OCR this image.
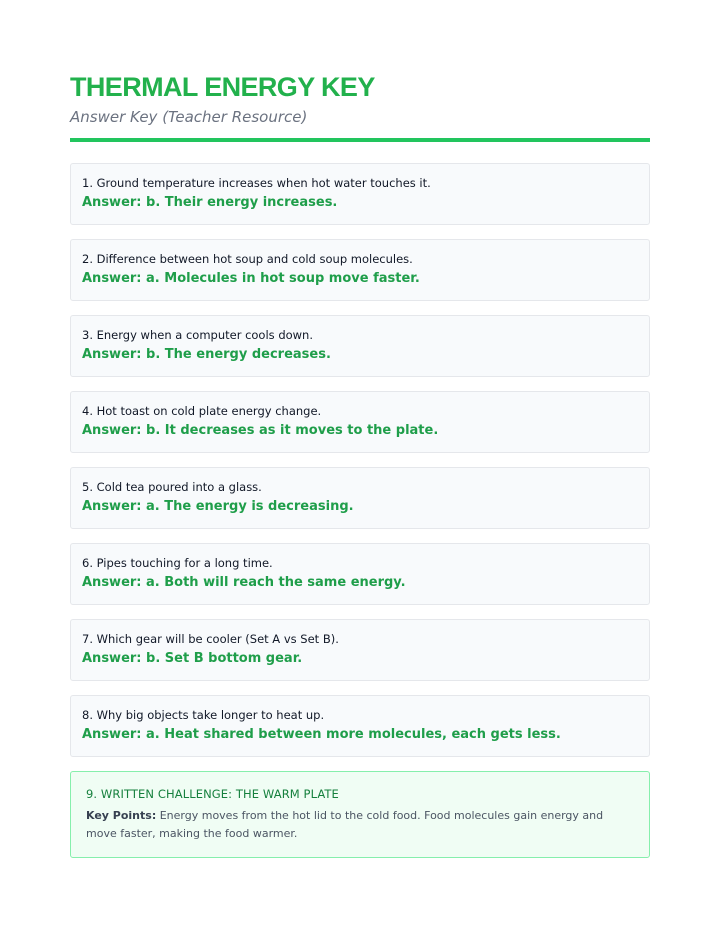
THERMAL ENERGY KEY
Answer Key (Teacher Resource)
1. Ground temperature increases when hot water touches it.
Answer: b. Their energy increases.
2. Difference between hot soup and cold soup molecules.
Answer: a. Molecules in hot soup move faster.
3. Energy when a computer cools down.
Answer: b. The energy decreases.
4. Hot toast on cold plate energy change.
Answer: b. It decreases as it moves to the plate.
5. Cold tea poured into a glass.
Answer: a. The energy is decreasing.
6. Pipes touching for a long time.
Answer: a. Both will reach the same energy.
7. Which gear will be cooler (Set A vs Set B).
Answer: b. Set B bottom gear.
8. Why big objects take longer to heat up.
Answer: a. Heat shared between more molecules, each gets less.
9. WRITTEN CHALLENGE: THE WARM PLATE
Key Points: Energy moves from the hot lid to the cold food. Food molecules gain energy and move faster, making the food warmer.
